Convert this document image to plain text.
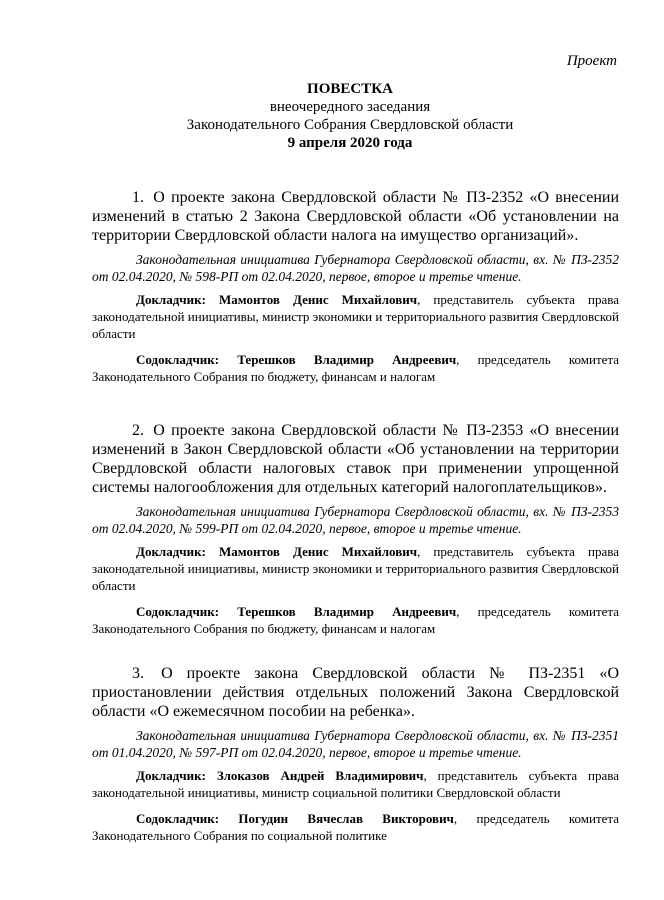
Проект
ПОВЕСТКА
внеочередного заседания
Законодательного Собрания Свердловской области
9 апреля 2020 года

1. О проекте закона Свердловской области № ПЗ-2352 «О внесении изменений в статью 2 Закона Свердловской области «Об установлении на территории Свердловской области налога на имущество организаций».

Законодательная инициатива Губернатора Свердловской области, вх. № ПЗ-2352 от 02.04.2020, № 598-РП от 02.04.2020, первое, второе и третье чтение.

Докладчик: Мамонтов Денис Михайлович, представитель субъекта права законодательной инициативы, министр экономики и территориального развития Свердловской области

Содокладчик: Терешков Владимир Андреевич, председатель комитета Законодательного Собрания по бюджету, финансам и налогам

2. О проекте закона Свердловской области № ПЗ-2353 «О внесении изменений в Закон Свердловской области «Об установлении на территории Свердловской области налоговых ставок при применении упрощенной системы налогообложения для отдельных категорий налогоплательщиков».

Законодательная инициатива Губернатора Свердловской области, вх. № ПЗ-2353 от 02.04.2020, № 599-РП от 02.04.2020, первое, второе и третье чтение.

Докладчик: Мамонтов Денис Михайлович, представитель субъекта права законодательной инициативы, министр экономики и территориального развития Свердловской области

Содокладчик: Терешков Владимир Андреевич, председатель комитета Законодательного Собрания по бюджету, финансам и налогам

3. О проекте закона Свердловской области № ПЗ-2351 «О приостановлении действия отдельных положений Закона Свердловской области «О ежемесячном пособии на ребенка».

Законодательная инициатива Губернатора Свердловской области, вх. № ПЗ-2351 от 01.04.2020, № 597-РП от 02.04.2020, первое, второе и третье чтение.

Докладчик: Злоказов Андрей Владимирович, представитель субъекта права законодательной инициативы, министр социальной политики Свердловской области

Содокладчик: Погудин Вячеслав Викторович, председатель комитета Законодательного Собрания по социальной политике
